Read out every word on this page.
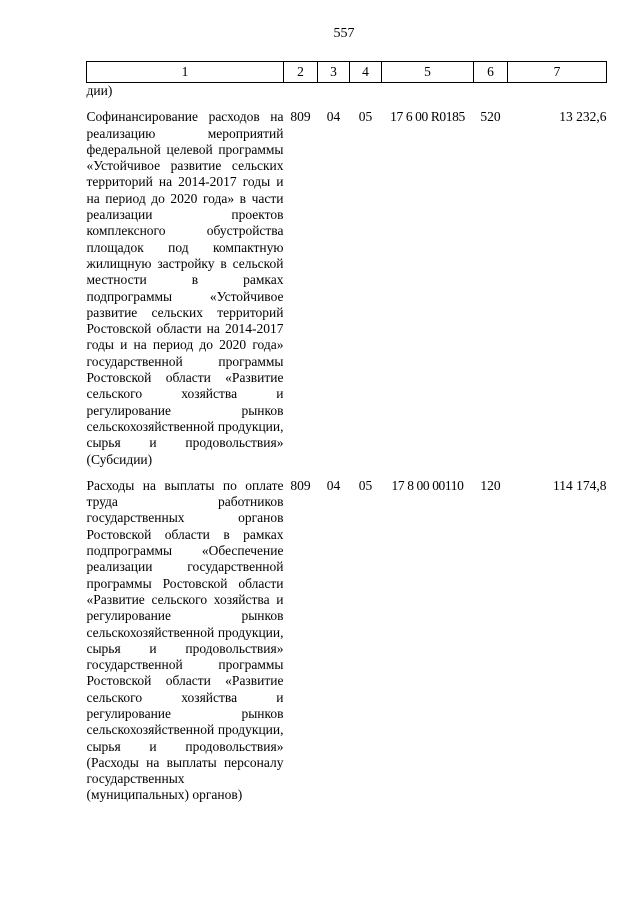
557
1	2	3	4	5	6	7
дии)						
Софинансирование расходов на реализацию мероприятий федеральной целевой программы «Устойчивое развитие сельских территорий на 2014-2017 годы и на период до 2020 года» в части реализации проектов комплексного обустройства площадок под компактную жилищную застройку в сельской местности в рамках подпрограммы «Устойчивое развитие сельских территорий Ростовской области на 2014-2017 годы и на период до 2020 года» государственной программы Ростовской области «Развитие сельского хозяйства и регулирование рынков сельскохозяйственной продукции, сырья и продовольствия» (Субсидии)	809	04	05	17 6 00 R0185	520	13 232,6
Расходы на выплаты по оплате труда работников государственных органов Ростовской области в рамках подпрограммы «Обеспечение реализации государственной программы Ростовской области «Развитие сельского хозяйства и регулирование рынков сельскохозяйственной продукции, сырья и продовольствия» государственной программы Ростовской области «Развитие сельского хозяйства и регулирование рынков сельскохозяйственной продукции, сырья и продовольствия» (Расходы на выплаты персоналу государственных (муниципальных) органов)	809	04	05	17 8 00 00110	120	114 174,8
